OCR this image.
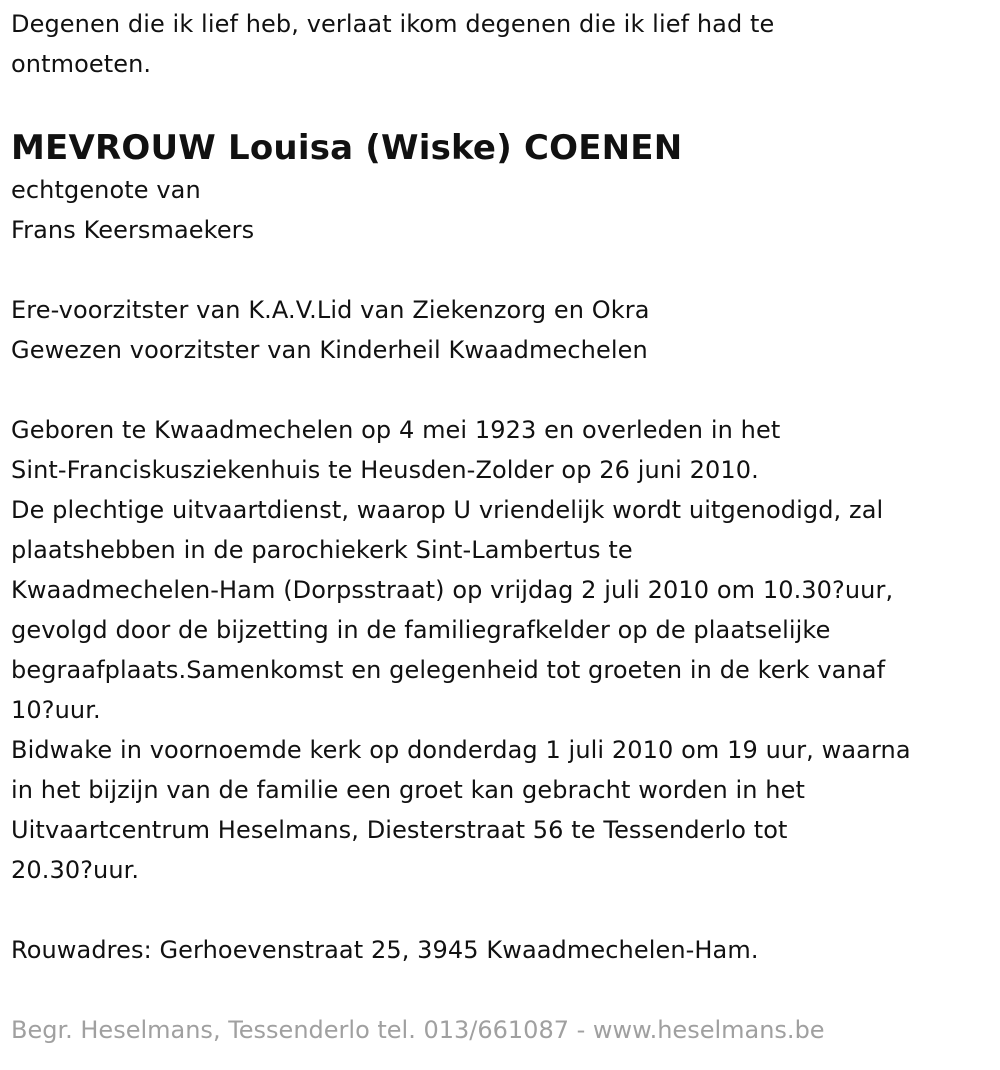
Degenen die ik lief heb, verlaat ikom degenen die ik lief had te
ontmoeten.
MEVROUW Louisa (Wiske) COENEN
echtgenote van
Frans Keersmaekers
Ere-voorzitster van K.A.V.Lid van Ziekenzorg en Okra
Gewezen voorzitster van Kinderheil Kwaadmechelen
Geboren te Kwaadmechelen op 4 mei 1923 en overleden in het
Sint-Franciskusziekenhuis te Heusden-Zolder op 26 juni 2010.
De plechtige uitvaartdienst, waarop U vriendelijk wordt uitgenodigd, zal
plaatshebben in de parochiekerk Sint-Lambertus te
Kwaadmechelen-Ham (Dorpsstraat) op vrijdag 2 juli 2010 om 10.30?uur,
gevolgd door de bijzetting in de familiegrafkelder op de plaatselijke
begraafplaats.Samenkomst en gelegenheid tot groeten in de kerk vanaf
10?uur.
Bidwake in voornoemde kerk op donderdag 1 juli 2010 om 19 uur, waarna
in het bijzijn van de familie een groet kan gebracht worden in het
Uitvaartcentrum Heselmans, Diesterstraat 56 te Tessenderlo tot
20.30?uur.
Rouwadres: Gerhoevenstraat 25, 3945 Kwaadmechelen-Ham.
Begr. Heselmans, Tessenderlo tel. 013/661087 - www.heselmans.be
